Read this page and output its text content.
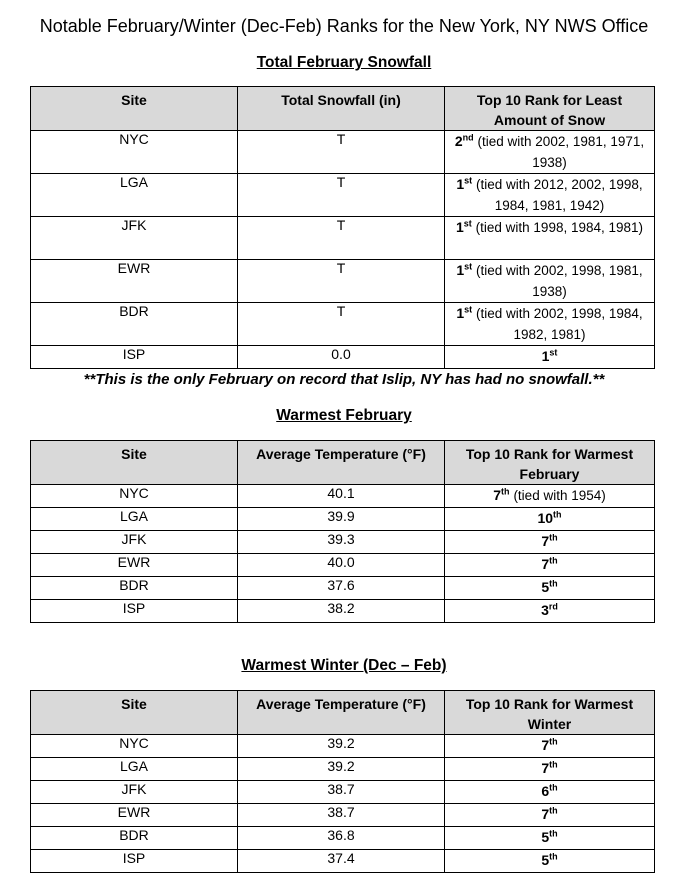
Notable February/Winter (Dec-Feb) Ranks for the New York, NY NWS Office
Total February Snowfall
Site	Total Snowfall (in)	Top 10 Rank for Least Amount of Snow
NYC	T	2nd (tied with 2002, 1981, 1971, 1938)
LGA	T	1st (tied with 2012, 2002, 1998, 1984, 1981, 1942)
JFK	T	1st (tied with 1998, 1984, 1981)
EWR	T	1st (tied with 2002, 1998, 1981, 1938)
BDR	T	1st (tied with 2002, 1998, 1984, 1982, 1981)
ISP	0.0	1st
**This is the only February on record that Islip, NY has had no snowfall.**
Warmest February
Site	Average Temperature (°F)	Top 10 Rank for Warmest February
NYC	40.1	7th (tied with 1954)
LGA	39.9	10th
JFK	39.3	7th
EWR	40.0	7th
BDR	37.6	5th
ISP	38.2	3rd
Warmest Winter (Dec – Feb)
Site	Average Temperature (°F)	Top 10 Rank for Warmest Winter
NYC	39.2	7th
LGA	39.2	7th
JFK	38.7	6th
EWR	38.7	7th
BDR	36.8	5th
ISP	37.4	5th
